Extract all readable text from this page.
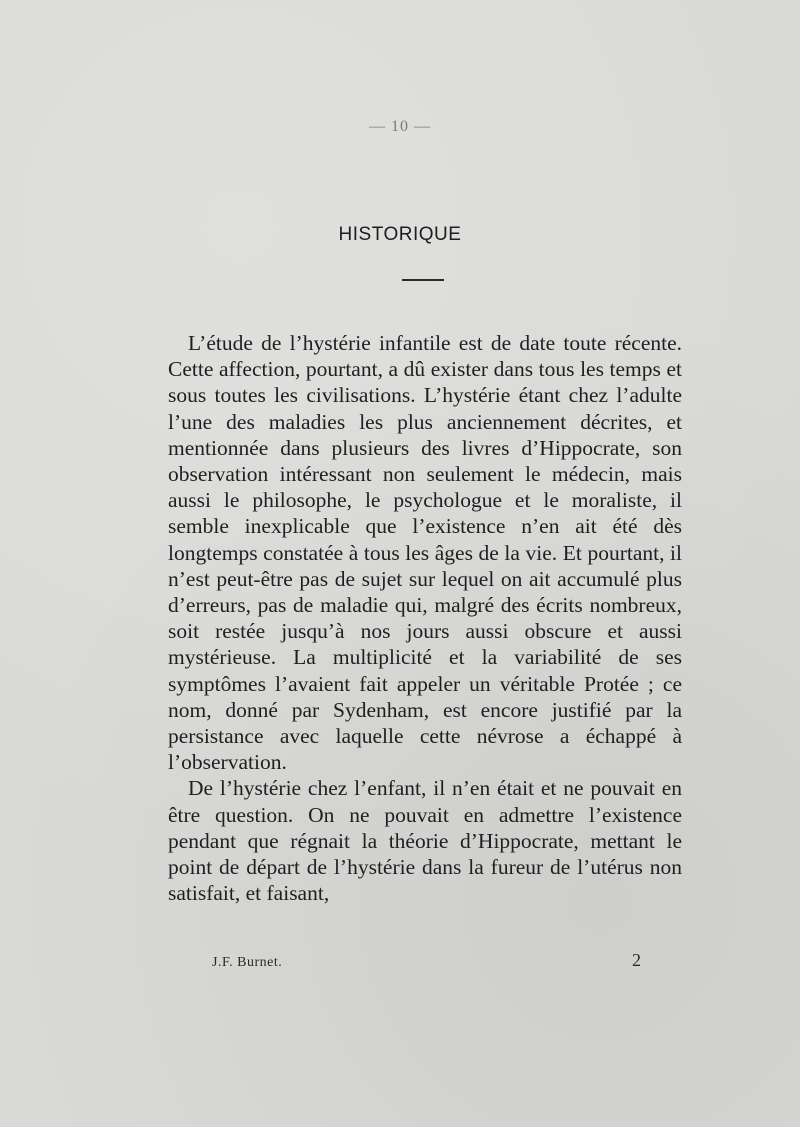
— 10 —
HISTORIQUE

L’étude de l’hystérie infantile est de date toute récente. Cette affection, pourtant, a dû exister dans tous les temps et sous toutes les civilisations. L’hystérie étant chez l’adulte l’une des maladies les plus anciennement décrites, et mentionnée dans plusieurs des livres d’Hippocrate, son observation intéressant non seulement le médecin, mais aussi le philosophe, le psychologue et le moraliste, il semble inexplicable que l’existence n’en ait été dès longtemps constatée à tous les âges de la vie. Et pourtant, il n’est peut-être pas de sujet sur lequel on ait accumulé plus d’erreurs, pas de maladie qui, malgré des écrits nombreux, soit restée jusqu’à nos jours aussi obscure et aussi mystérieuse. La multiplicité et la variabilité de ses symptômes l’avaient fait appeler un véritable Protée ; ce nom, donné par Sydenham, est encore justifié par la persistance avec laquelle cette névrose a échappé à l’observation.

De l’hystérie chez l’enfant, il n’en était et ne pouvait en être question. On ne pouvait en admettre l’existence pendant que régnait la théorie d’Hippocrate, mettant le point de départ de l’hystérie dans la fureur de l’utérus non satisfait, et faisant,

J.F. Burnet.	2
